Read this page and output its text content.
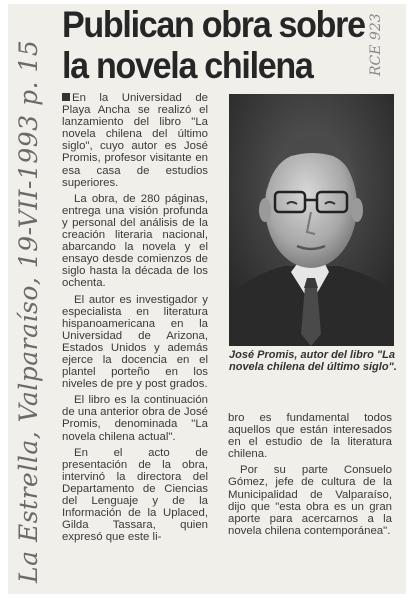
Publican obra sobre
la novela chilena

En la Universidad de Playa Ancha se realizó el lanzamiento del libro "La novela chilena del último siglo", cuyo autor es José Promis, profesor visitante en esa casa de estudios superiores.

La obra, de 280 páginas, entrega una visión profunda y personal del análisis de la creación literaria nacional, abarcando la novela y el ensayo desde comienzos de siglo hasta la década de los ochenta.

El autor es investigador y especialista en literatura hispanoamericana en la Universidad de Arizona, Estados Unidos y además ejerce la docencia en el plantel porteño en los niveles de pre y post grados.

El libro es la continuación de una anterior obra de José Promis, denominada "La novela chilena actual".

En el acto de presentación de la obra, intervinó la directora del Departamento de Ciencias del Lenguaje y de la Información de la Uplaced, Gilda Tassara, quien expresó que este li-

José Promis, autor del libro "La novela chilena del último siglo".

bro es fundamental todos aquellos que están interesados en el estudio de la literatura chilena.

Por su parte Consuelo Gómez, jefe de cultura de la Municipalidad de Valparaíso, dijo que "esta obra es un gran aporte para acercarnos a la novela chilena contemporánea".

La Estrella, Valparaíso, 19-VII-1993 p. 15	RCE 923
